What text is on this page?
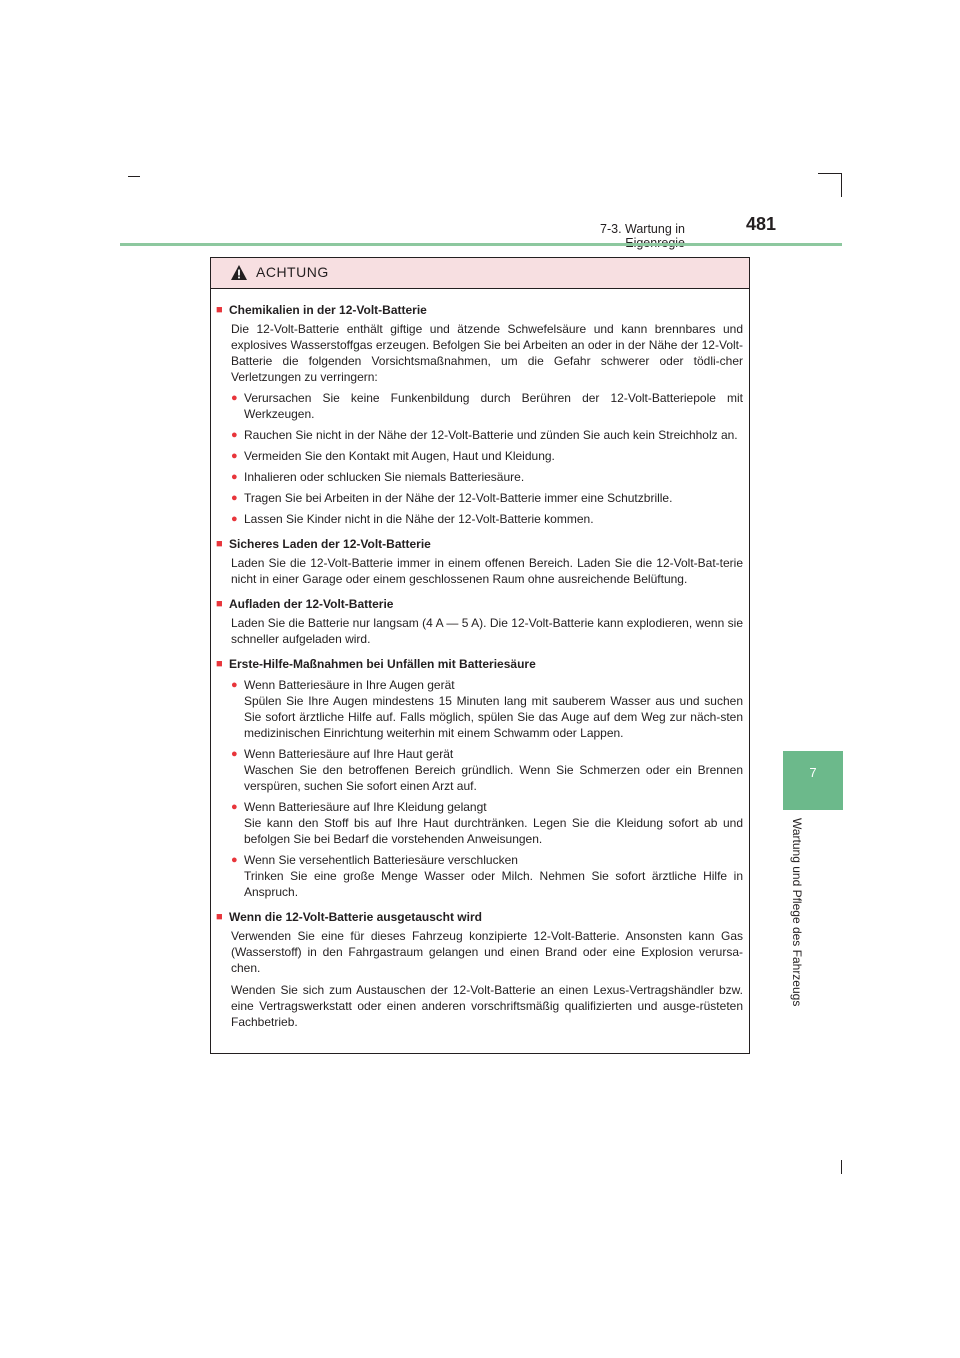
7-3. Wartung in	481
7
Wartung und Pflege des Fahrzeugs
ACHTUNG
■ Chemikalien in der 12-Volt-Batterie
Die 12-Volt-Batterie enthält giftige und ätzende Schwefelsäure und kann brennbares und explosives Wasserstoffgas erzeugen. Befolgen Sie bei Arbeiten an oder in der Nähe der 12-Volt-Batterie die folgenden Vorsichtsmaßnahmen, um die Gefahr schwerer oder tödli-cher Verletzungen zu verringern:
● Verursachen Sie keine Funkenbildung durch Berühren der 12-Volt-Batteriepole mit Werkzeugen.
● Rauchen Sie nicht in der Nähe der 12-Volt-Batterie und zünden Sie auch kein Streichholz an.
● Vermeiden Sie den Kontakt mit Augen, Haut und Kleidung.
● Inhalieren oder schlucken Sie niemals Batteriesäure.
● Tragen Sie bei Arbeiten in der Nähe der 12-Volt-Batterie immer eine Schutzbrille.
● Lassen Sie Kinder nicht in die Nähe der 12-Volt-Batterie kommen.
■ Sicheres Laden der 12-Volt-Batterie
Laden Sie die 12-Volt-Batterie immer in einem offenen Bereich. Laden Sie die 12-Volt-Bat-terie nicht in einer Garage oder einem geschlossenen Raum ohne ausreichende Belüftung.
■ Aufladen der 12-Volt-Batterie
Laden Sie die Batterie nur langsam (4 A — 5 A). Die 12-Volt-Batterie kann explodieren, wenn sie schneller aufgeladen wird.
■ Erste-Hilfe-Maßnahmen bei Unfällen mit Batteriesäure
● Wenn Batteriesäure in Ihre Augen gerät
Spülen Sie Ihre Augen mindestens 15 Minuten lang mit sauberem Wasser aus und suchen Sie sofort ärztliche Hilfe auf. Falls möglich, spülen Sie das Auge auf dem Weg zur näch-sten medizinischen Einrichtung weiterhin mit einem Schwamm oder Lappen.
● Wenn Batteriesäure auf Ihre Haut gerät
Waschen Sie den betroffenen Bereich gründlich. Wenn Sie Schmerzen oder ein Brennen verspüren, suchen Sie sofort einen Arzt auf.
● Wenn Batteriesäure auf Ihre Kleidung gelangt
Sie kann den Stoff bis auf Ihre Haut durchtränken. Legen Sie die Kleidung sofort ab und befolgen Sie bei Bedarf die vorstehenden Anweisungen.
● Wenn Sie versehentlich Batteriesäure verschlucken
Trinken Sie eine große Menge Wasser oder Milch. Nehmen Sie sofort ärztliche Hilfe in Anspruch.
■ Wenn die 12-Volt-Batterie ausgetauscht wird
Verwenden Sie eine für dieses Fahrzeug konzipierte 12-Volt-Batterie. Ansonsten kann Gas (Wasserstoff) in den Fahrgastraum gelangen und einen Brand oder eine Explosion verursa-chen.
Wenden Sie sich zum Austauschen der 12-Volt-Batterie an einen Lexus-Vertragshändler bzw. eine Vertragswerkstatt oder einen anderen vorschriftsmäßig qualifizierten und ausge-rüsteten Fachbetrieb.
